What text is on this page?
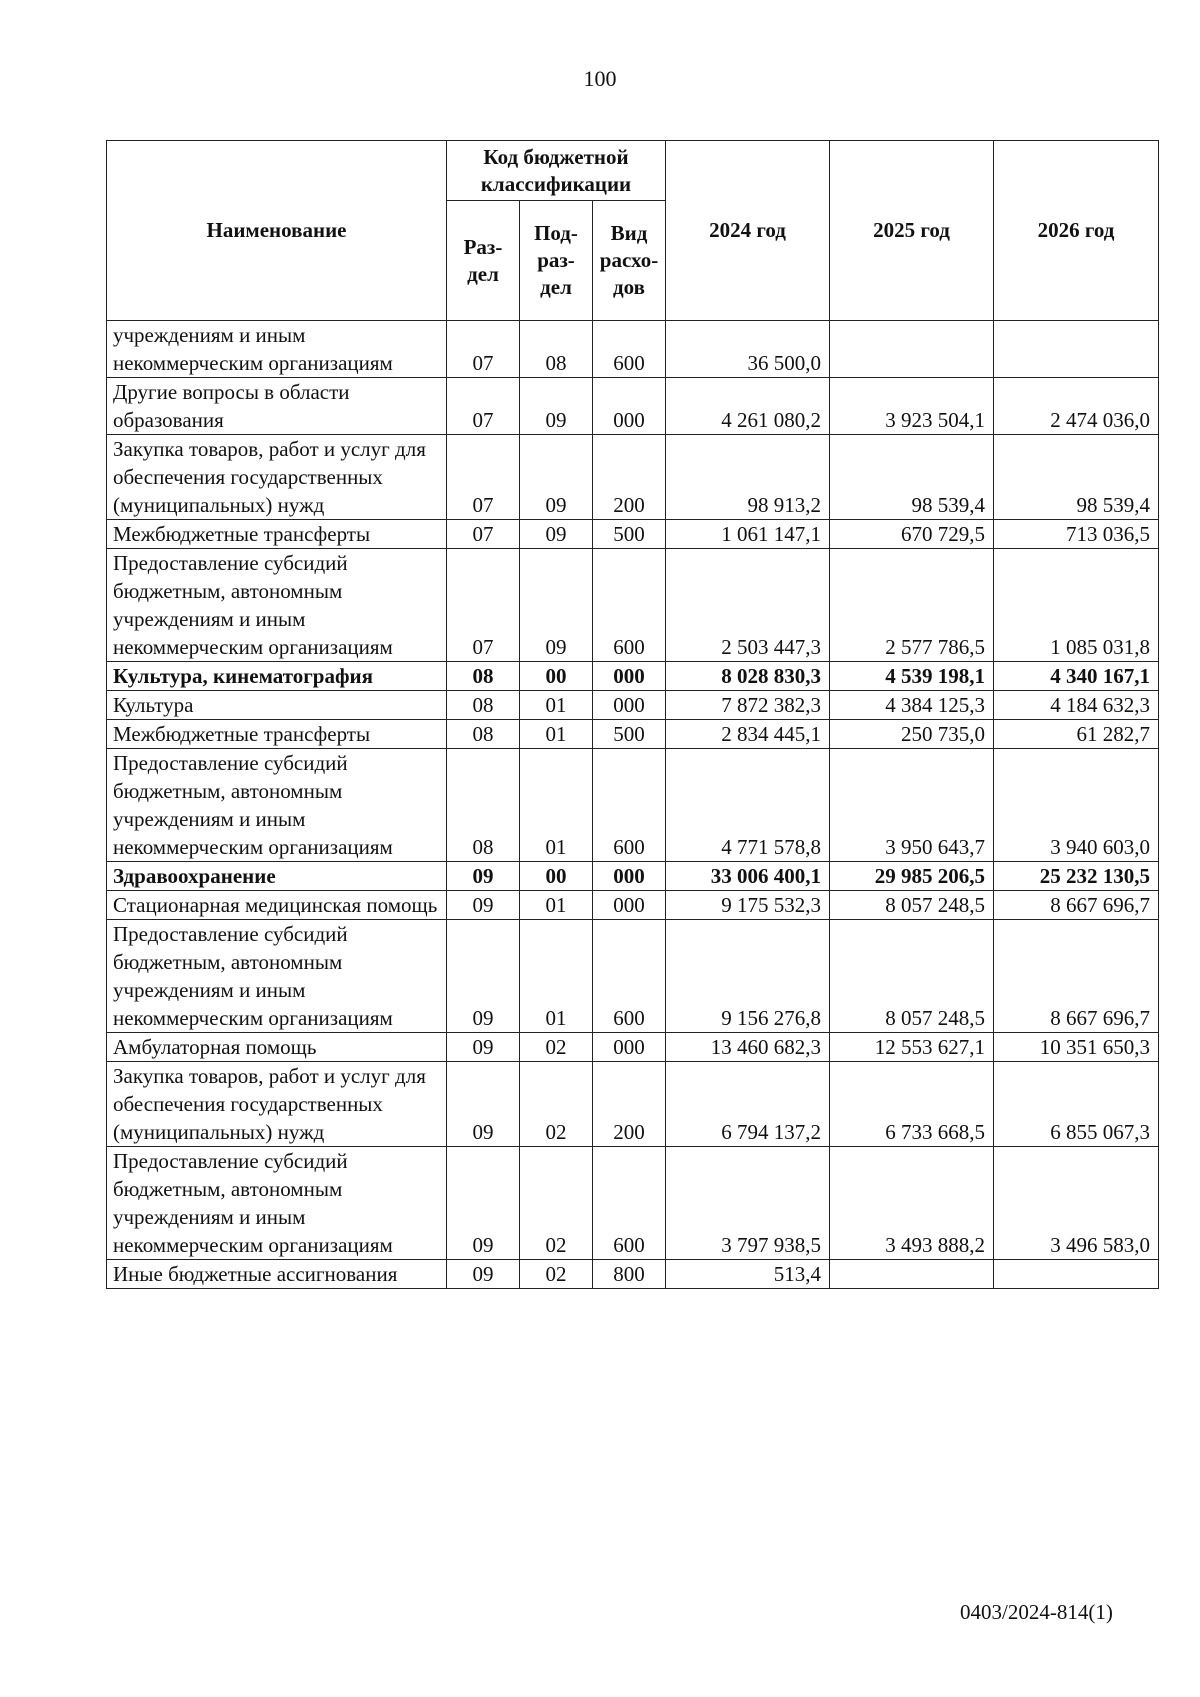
100
Наименование	Код бюджетной классификации			2024 год	2025 год	2026 год
	Раз-дел	Под-раз-дел	Вид расхо-дов			
учреждениям и иным некоммерческим организациям	07	08	600	36 500,0		
Другие вопросы в области образования	07	09	000	4 261 080,2	3 923 504,1	2 474 036,0
Закупка товаров, работ и услуг для обеспечения государственных (муниципальных) нужд	07	09	200	98 913,2	98 539,4	98 539,4
Межбюджетные трансферты	07	09	500	1 061 147,1	670 729,5	713 036,5
Предоставление субсидий бюджетным, автономным учреждениям и иным некоммерческим организациям	07	09	600	2 503 447,3	2 577 786,5	1 085 031,8
Культура, кинематография	08	00	000	8 028 830,3	4 539 198,1	4 340 167,1
Культура	08	01	000	7 872 382,3	4 384 125,3	4 184 632,3
Межбюджетные трансферты	08	01	500	2 834 445,1	250 735,0	61 282,7
Предоставление субсидий бюджетным, автономным учреждениям и иным некоммерческим организациям	08	01	600	4 771 578,8	3 950 643,7	3 940 603,0
Здравоохранение	09	00	000	33 006 400,1	29 985 206,5	25 232 130,5
Стационарная медицинская помощь	09	01	000	9 175 532,3	8 057 248,5	8 667 696,7
Предоставление субсидий бюджетным, автономным учреждениям и иным некоммерческим организациям	09	01	600	9 156 276,8	8 057 248,5	8 667 696,7
Амбулаторная помощь	09	02	000	13 460 682,3	12 553 627,1	10 351 650,3
Закупка товаров, работ и услуг для обеспечения государственных (муниципальных) нужд	09	02	200	6 794 137,2	6 733 668,5	6 855 067,3
Предоставление субсидий бюджетным, автономным учреждениям и иным некоммерческим организациям	09	02	600	3 797 938,5	3 493 888,2	3 496 583,0
Иные бюджетные ассигнования	09	02	800	513,4		
0403/2024-814(1)
